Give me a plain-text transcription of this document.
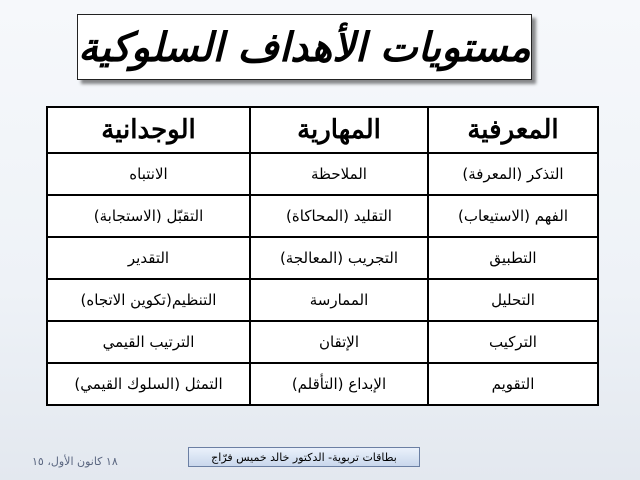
مستويات الأهداف السلوكية
المعرفية	المهارية	الوجدانية
التذكر (المعرفة)	الملاحظة	الانتباه
الفهم (الاستيعاب)	التقليد (المحاكاة)	التقبّل (الاستجابة)
التطبيق	التجريب (المعالجة)	التقدير
التحليل	الممارسة	التنظيم(تكوين الاتجاه)
التركيب	الإتقان	الترتيب القيمي
التقويم	الإبداع (التأقلم)	التمثل (السلوك القيمي)
بطاقات تربوية- الدكتور خالد خميس فرّاج
١٨ كانون الأول، ١٥
